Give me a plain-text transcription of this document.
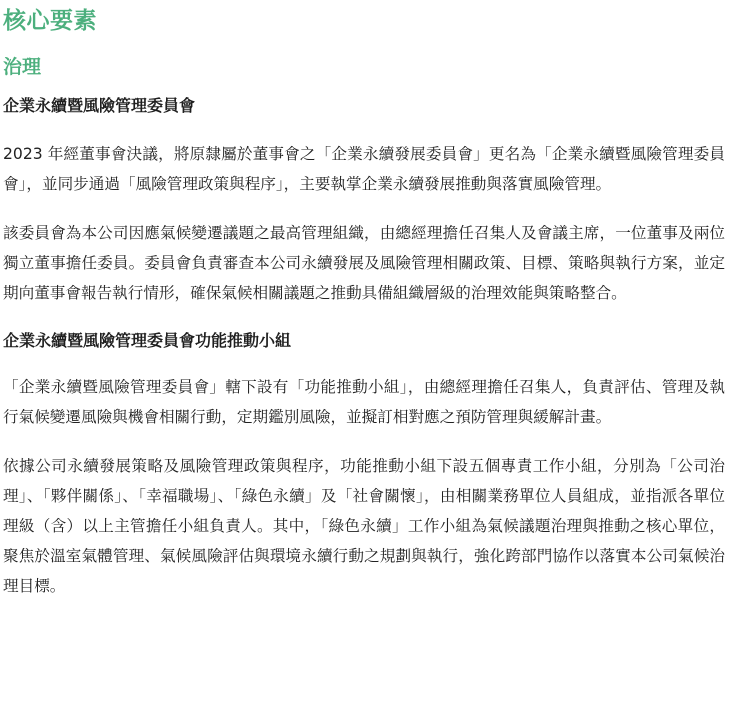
核心要素
治理
企業永續暨風險管理委員會

2023 年經董事會決議，將原隸屬於董事會之「企業永續發展委員會」更名為「企業永續暨風險管理委員會」，並同步通過「風險管理政策與程序」，主要執掌企業永續發展推動與落實風險管理。

該委員會為本公司因應氣候變遷議題之最高管理組織，由總經理擔任召集人及會議主席，一位董事及兩位獨立董事擔任委員。委員會負責審查本公司永續發展及風險管理相關政策、目標、策略與執行方案，並定期向董事會報告執行情形，確保氣候相關議題之推動具備組織層級的治理效能與策略整合。

企業永續暨風險管理委員會功能推動小組

「企業永續暨風險管理委員會」轄下設有「功能推動小組」，由總經理擔任召集人，負責評估、管理及執行氣候變遷風險與機會相關行動，定期鑑別風險，並擬訂相對應之預防管理與緩解計畫。

依據公司永續發展策略及風險管理政策與程序，功能推動小組下設五個專責工作小組，分別為「公司治理」、「夥伴關係」、「幸福職場」、「綠色永續」及「社會關懷」，由相關業務單位人員組成，並指派各單位理級（含）以上主管擔任小組負責人。其中，「綠色永續」工作小組為氣候議題治理與推動之核心單位，聚焦於溫室氣體管理、氣候風險評估與環境永續行動之規劃與執行，強化跨部門協作以落實本公司氣候治理目標。
